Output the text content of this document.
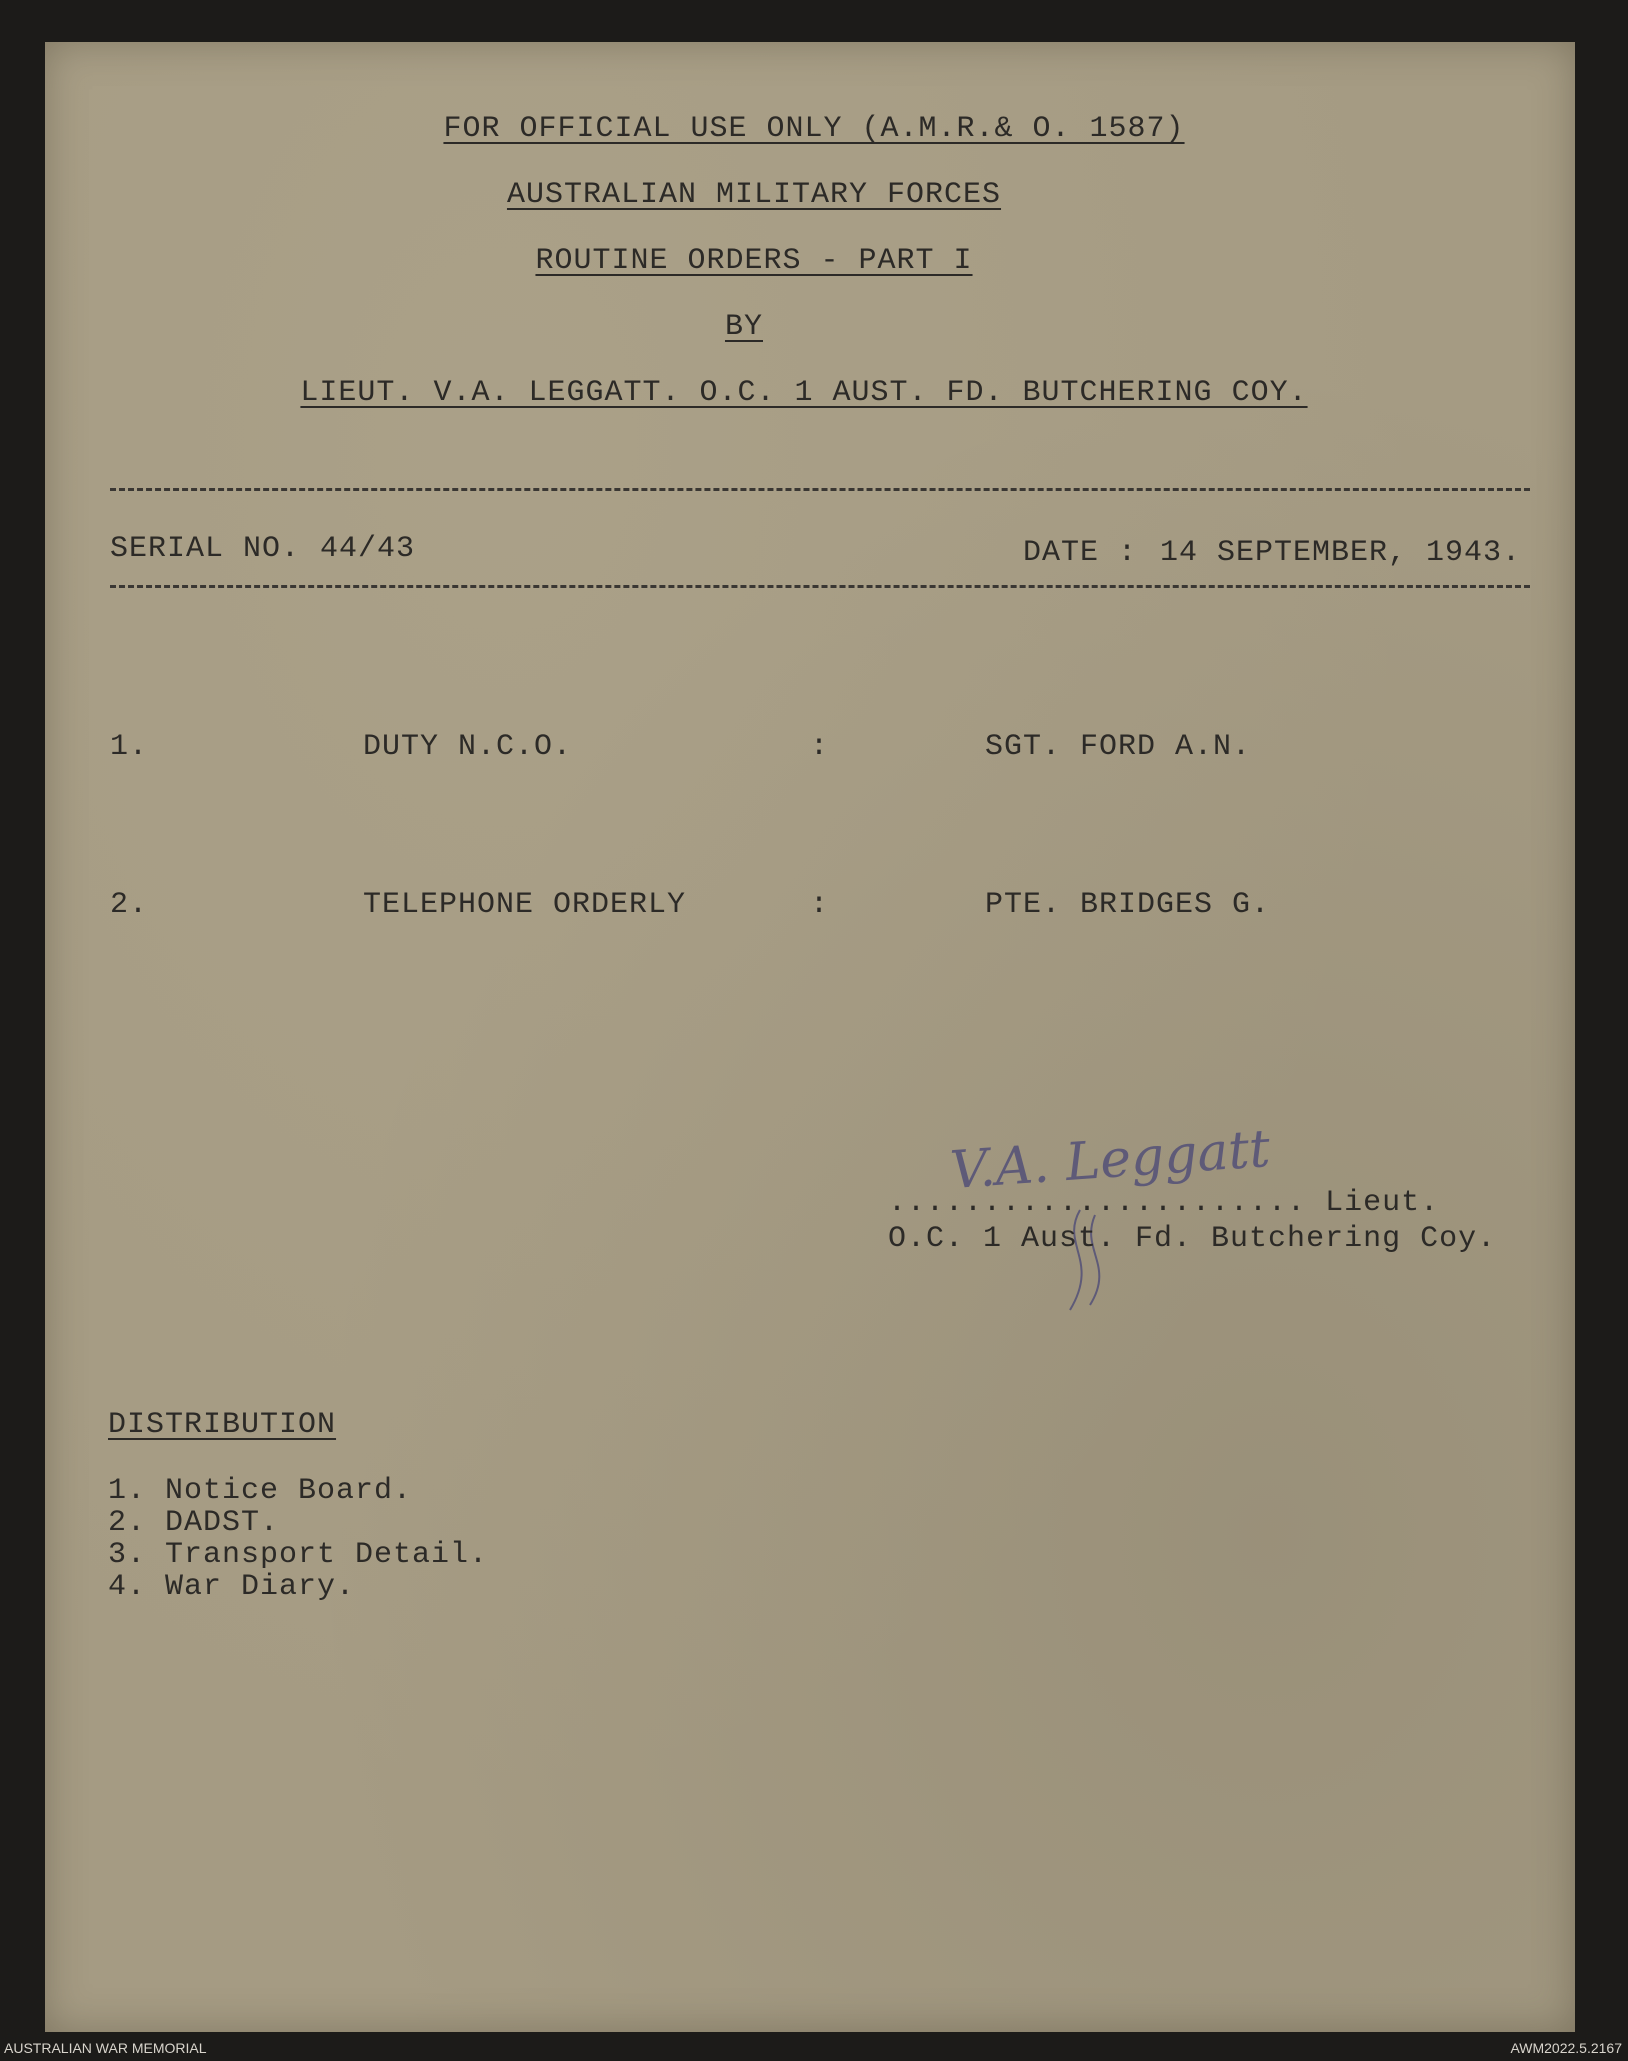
FOR OFFICIAL USE ONLY (A.M.R.& O. 1587)
AUSTRALIAN MILITARY FORCES
ROUTINE ORDERS - PART I
BY
LIEUT. V.A. LEGGATT. O.C. 1 AUST. FD. BUTCHERING COY.
SERIAL NO. 44/43	DATE : 14 SEPTEMBER, 1943.
1.	DUTY N.C.O.	:	SGT. FORD A.N.
2.	TELEPHONE ORDERLY	:	PTE. BRIDGES G.
V.A. Leggatt
...................... Lieut.
O.C. 1 Aust. Fd. Butchering Coy.
DISTRIBUTION
1. Notice Board.
2. DADST.
3. Transport Detail.
4. War Diary.
AUSTRALIAN WAR MEMORIAL	AWM2022.5.2167
